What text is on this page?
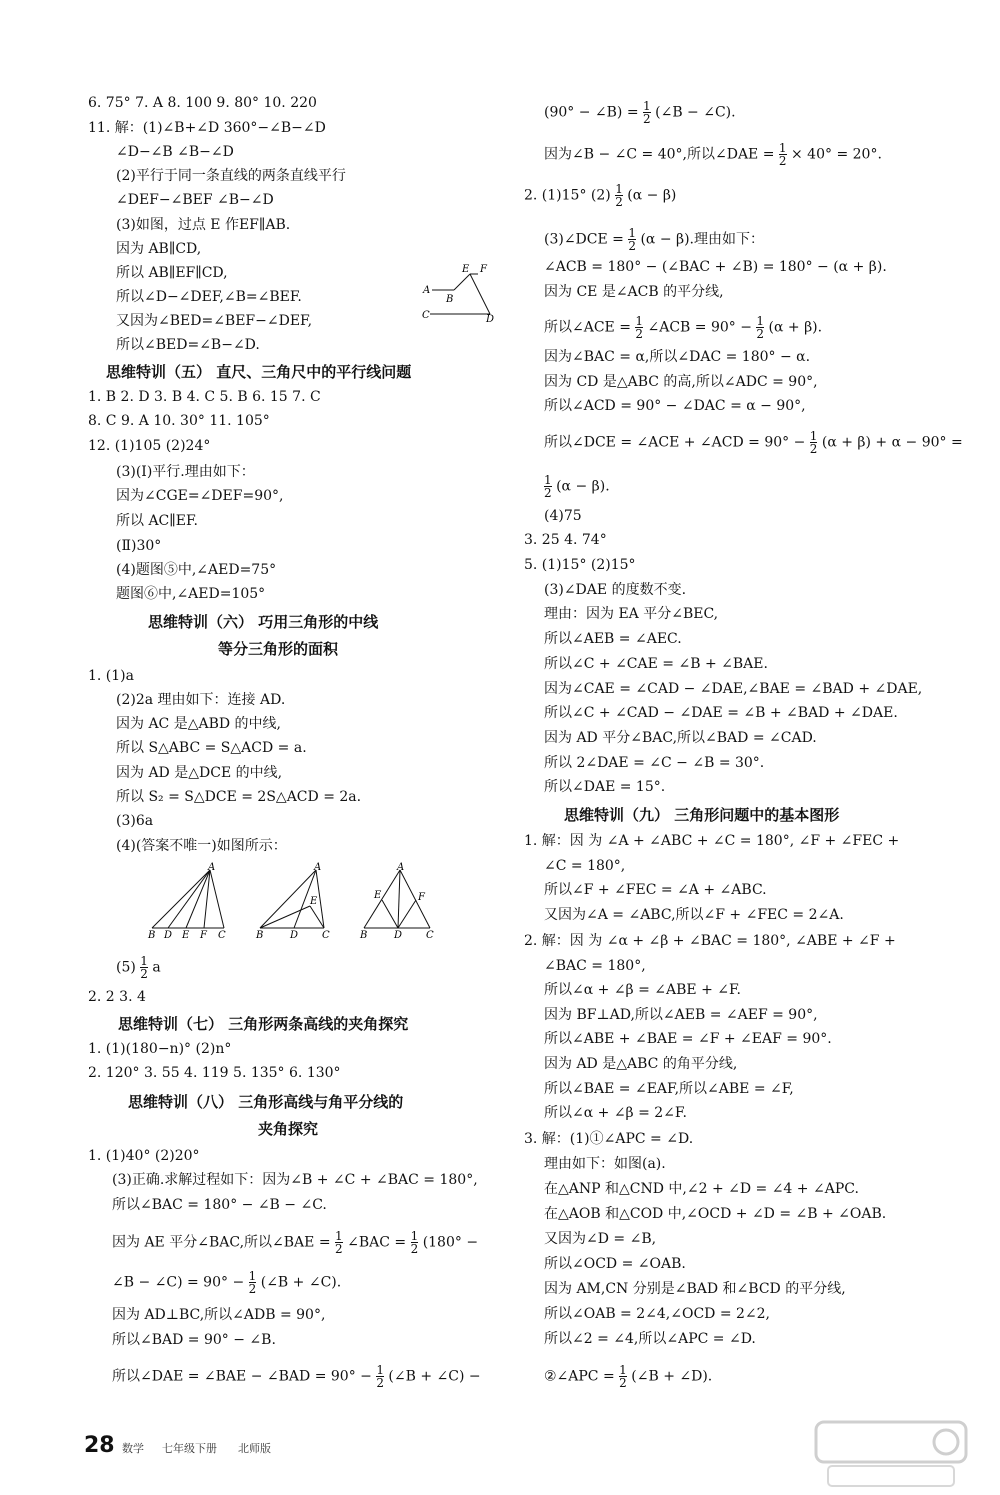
6. 75° 7. A 8. 100 9. 80° 10. 220
11. 解：(1)∠B+∠D 360°−∠B−∠D
∠D−∠B ∠B−∠D
(2)平行于同一条直线的两条直线平行
∠DEF−∠BEF ∠B−∠D
(3)如图，过点 E 作EF∥AB.
因为 AB∥CD,
所以 AB∥EF∥CD,
所以∠D−∠DEF,∠B=∠BEF.
又因为∠BED=∠BEF−∠DEF,
所以∠BED=∠B−∠D.
A
B
E F
C	D
思维特训（五） 直尺、三角尺中的平行线问题
1. B 2. D 3. B 4. C 5. B 6. 15 7. C
8. C 9. A 10. 30° 11. 105°
12. (1)105 (2)24°
(3)(Ⅰ)平行.理由如下：
因为∠CGE=∠DEF=90°,
所以 AC∥EF.
(Ⅱ)30°
(4)题图⑤中,∠AED=75°
题图⑥中,∠AED=105°
思维特训（六） 巧用三角形的中线
等分三角形的面积
1. (1)a
(2)2a 理由如下：连接 AD.
因为 AC 是△ABD 的中线,
所以 S△ABC = S△ACD = a.
因为 AD 是△DCE 的中线,
所以 S₂ = S△DCE = 2S△ACD = 2a.
(3)6a
(4)(答案不唯一)如图所示：
A
B D E F C
A
E
B	D C
A
E	F
B	D C
$(5) \frac{1}{2}$ a
2. 2 3. 4
思维特训（七） 三角形两条高线的夹角探究
1. (1)(180−n)° (2)n°
2. 120° 3. 55 4. 119 5. 135° 6. 130°
思维特训（八） 三角形高线与角平分线的
夹角探究
1. (1)40° (2)20°
(3)正确.求解过程如下：因为∠B + ∠C + ∠BAC = 180°,
所以∠BAC = 180° − ∠B − ∠C.
因为 AE 平分∠BAC,所以∠BAE = $\frac{1}{2}$ ∠BAC = $\frac{1}{2} (180^\circ$ −
∠B − ∠C) = $90^\circ - \frac{1}{2}$ (∠B + ∠C).
因为 AD⊥BC,所以∠ADB = 90°,
所以∠BAD = 90° − ∠B.
所以∠DAE = ∠BAE − ∠BAD = $90^\circ - \frac{1}{2}$ (∠B + ∠C) −
(90° − ∠B) = $\frac{1}{2}$ (∠B − ∠C).
因为∠B − ∠C = 40°,所以∠DAE = $\frac{1}{2} \times 40^\circ = 20^\circ$.
2. (1)15° $(2) \frac{1}{2} (\alpha - \beta)$
(3)∠DCE = $\frac{1}{2} (\alpha - \beta)$.理由如下：
∠ACB = 180° − (∠BAC + ∠B) = 180° − (α + β).
因为 CE 是∠ACB 的平分线,
所以∠ACE = $\frac{1}{2}$ ∠ACB = $90^\circ - \frac{1}{2} (\alpha + \beta)$.
因为∠BAC = α,所以∠DAC = 180° − α.
因为 CD 是△ABC 的高,所以∠ADC = 90°,
所以∠ACD = 90° − ∠DAC = α − 90°,
所以∠DCE = ∠ACE + ∠ACD = $90^\circ - \frac{1}{2} (\alpha + \beta) + \alpha - 90^\circ$ =
$\frac{1}{2} (\alpha - \beta)$.
(4)75
3. 25 4. 74°
5. (1)15° (2)15°
(3)∠DAE 的度数不变.
理由：因为 EA 平分∠BEC,
所以∠AEB = ∠AEC.
所以∠C + ∠CAE = ∠B + ∠BAE.
因为∠CAE = ∠CAD − ∠DAE,∠BAE = ∠BAD + ∠DAE,
所以∠C + ∠CAD − ∠DAE = ∠B + ∠BAD + ∠DAE.
因为 AD 平分∠BAC,所以∠BAD = ∠CAD.
所以 2∠DAE = ∠C − ∠B = 30°.
所以∠DAE = 15°.
思维特训（九） 三角形问题中的基本图形
1. 解：因 为 ∠A + ∠ABC + ∠C = 180°, ∠F + ∠FEC +
∠C = 180°,
所以∠F + ∠FEC = ∠A + ∠ABC.
又因为∠A = ∠ABC,所以∠F + ∠FEC = 2∠A.
2. 解：因 为 ∠α + ∠β + ∠BAC = 180°, ∠ABE + ∠F +
∠BAC = 180°,
所以∠α + ∠β = ∠ABE + ∠F.
因为 BF⊥AD,所以∠AEB = ∠AEF = 90°,
所以∠ABE + ∠BAE = ∠F + ∠EAF = 90°.
因为 AD 是△ABC 的角平分线,
所以∠BAE = ∠EAF,所以∠ABE = ∠F,
所以∠α + ∠β = 2∠F.
3. 解：(1)①∠APC = ∠D.
理由如下：如图(a).
在△ANP 和△CND 中,∠2 + ∠D = ∠4 + ∠APC.
在△AOB 和△COD 中,∠OCD + ∠D = ∠B + ∠OAB.
又因为∠D = ∠B,
所以∠OCD = ∠OAB.
因为 AM,CN 分别是∠BAD 和∠BCD 的平分线,
所以∠OAB = 2∠4,∠OCD = 2∠2,
所以∠2 = ∠4,所以∠APC = ∠D.
②∠APC = $\frac{1}{2}$ (∠B + ∠D).
28 数学 七年级下册 北师版
